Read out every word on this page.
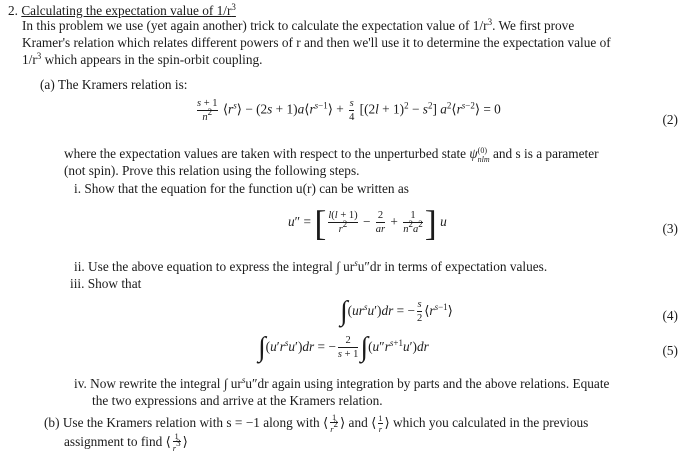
2. Calculating the expectation value of $1/r^3$
In this problem we use (yet again another) trick to calculate the expectation value of $1/r^3$. We first prove
Kramer's relation which relates different powers of r and then we'll use it to determine the expectation value of
$1/r^3$ which appears in the spin-orbit coupling.
(a) The Kramers relation is:
$\frac{s + 1}{n^2}$ $⟨r^s⟩ - (2s$ + $1)a⟨r^{s-1}⟩ + \frac{s}{4} [(2l + 1)^2 - s^2]$ $a^2⟨r^{s-2}⟩ = 0$
(2)
where the expectation values are taken with respect to the unperturbed state ψ(0)
nlm and s is a parameter
(not spin). Prove this relation using the following steps.
i. Show that the equation for the function u(r) can be written as
u″ = [ $\frac{l(l + 1)}{r^2} - \frac{2}{ar} + \frac{1}{n^2a^2}$ ] u	(3)
ii. Use the above equation to express the integral ∫ $ur^su''dr$ in terms of expectation values.
iii. Show that
$\int(ur^su')dr$ = − $\frac{s}{2}$ $⟨r^{s-1}⟩$	(4)
$\int(u'r^su')dr$ = − $\frac{2}{s + 1} \int(u''r^{s+1}u')dr$	(5)
iv. Now rewrite the integral ∫ $ur^su''dr$ again using integration by parts and the above relations. Equate
the two expressions and arrive at the Kramers relation.
(b) Use the Kramers relation with s = −1 along with ⟨ $\frac{1}{r^2}$ ⟩ and ⟨ $\frac{1}{r}$ ⟩ which you calculated in the previous
assignment to find ⟨ $\frac{1}{r^3}$ ⟩
